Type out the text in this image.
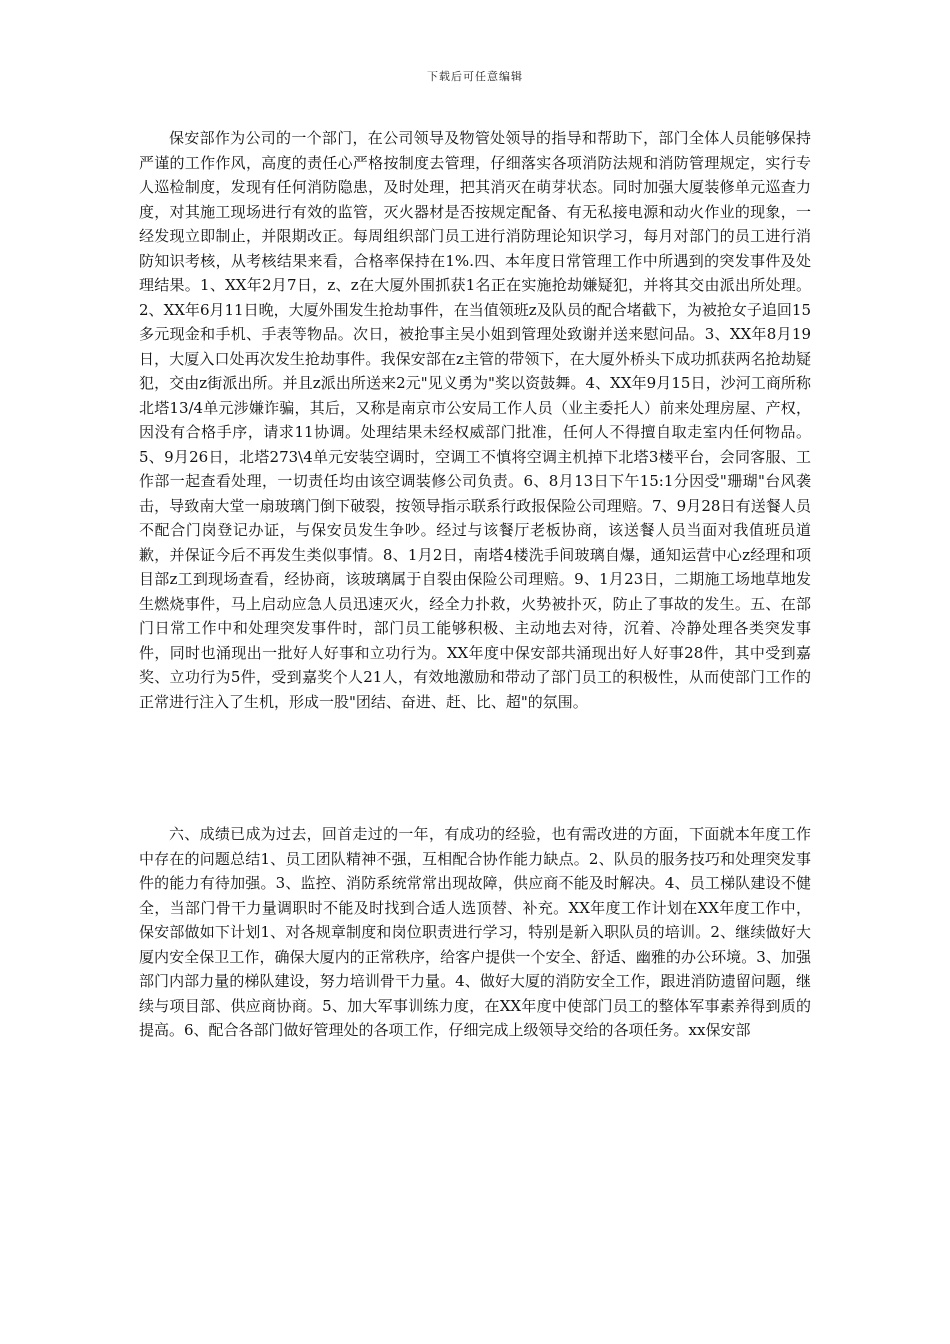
下载后可任意编辑

保安部作为公司的一个部门，在公司领导及物管处领导的指导和帮助下，部门全体人员能够保持严谨的工作作风，高度的责任心严格按制度去管理，仔细落实各项消防法规和消防管理规定，实行专人巡检制度，发现有任何消防隐患，及时处理，把其消灭在萌芽状态。同时加强大厦装修单元巡查力度，对其施工现场进行有效的监管，灭火器材是否按规定配备、有无私接电源和动火作业的现象，一经发现立即制止，并限期改正。每周组织部门员工进行消防理论知识学习，每月对部门的员工进行消防知识考核，从考核结果来看，合格率保持在1%.四、本年度日常管理工作中所遇到的突发事件及处理结果。1、XX年2月7日，z、z在大厦外围抓获1名正在实施抢劫嫌疑犯，并将其交由派出所处理。2、XX年6月11日晚，大厦外围发生抢劫事件，在当值领班z及队员的配合堵截下，为被抢女子追回15多元现金和手机、手表等物品。次日，被抢事主吴小姐到管理处致谢并送来慰问品。3、XX年8月19日，大厦入口处再次发生抢劫事件。我保安部在z主管的带领下，在大厦外桥头下成功抓获两名抢劫疑犯，交由z街派出所。并且z派出所送来2元"见义勇为"奖以资鼓舞。4、XX年9月15日，沙河工商所称北塔13/4单元涉嫌诈骗，其后，又称是南京市公安局工作人员（业主委托人）前来处理房屋、产权，因没有合格手序，请求11协调。处理结果未经权威部门批准，任何人不得擅自取走室内任何物品。5、9月26日，北塔273\4单元安装空调时，空调工不慎将空调主机掉下北塔3楼平台，会同客服、工作部一起查看处理，一切责任均由该空调装修公司负责。6、8月13日下午15:1分因受"珊瑚"台风袭击，导致南大堂一扇玻璃门倒下破裂，按领导指示联系行政报保险公司理赔。7、9月28日有送餐人员不配合门岗登记办证，与保安员发生争吵。经过与该餐厅老板协商，该送餐人员当面对我值班员道歉，并保证今后不再发生类似事情。8、1月2日，南塔4楼洗手间玻璃自爆，通知运营中心z经理和项目部z工到现场查看，经协商，该玻璃属于自裂由保险公司理赔。9、1月23日，二期施工场地草地发生燃烧事件，马上启动应急人员迅速灭火，经全力扑救，火势被扑灭，防止了事故的发生。五、在部门日常工作中和处理突发事件时，部门员工能够积极、主动地去对待，沉着、冷静处理各类突发事件，同时也涌现出一批好人好事和立功行为。XX年度中保安部共涌现出好人好事28件，其中受到嘉奖、立功行为5件，受到嘉奖个人21人，有效地激励和带动了部门员工的积极性，从而使部门工作的正常进行注入了生机，形成一股"团结、奋进、赶、比、超"的氛围。

六、成绩已成为过去，回首走过的一年，有成功的经验，也有需改进的方面，下面就本年度工作中存在的问题总结1、员工团队精神不强，互相配合协作能力缺点。2、队员的服务技巧和处理突发事件的能力有待加强。3、监控、消防系统常常出现故障，供应商不能及时解决。4、员工梯队建设不健全，当部门骨干力量调职时不能及时找到合适人选顶替、补充。XX年度工作计划在XX年度工作中，保安部做如下计划1、对各规章制度和岗位职责进行学习，特别是新入职队员的培训。2、继续做好大厦内安全保卫工作，确保大厦内的正常秩序，给客户提供一个安全、舒适、幽雅的办公环境。3、加强部门内部力量的梯队建设，努力培训骨干力量。4、做好大厦的消防安全工作，跟进消防遗留问题，继续与项目部、供应商协商。5、加大军事训练力度，在XX年度中使部门员工的整体军事素养得到质的提高。6、配合各部门做好管理处的各项工作，仔细完成上级领导交给的各项任务。xx保安部
